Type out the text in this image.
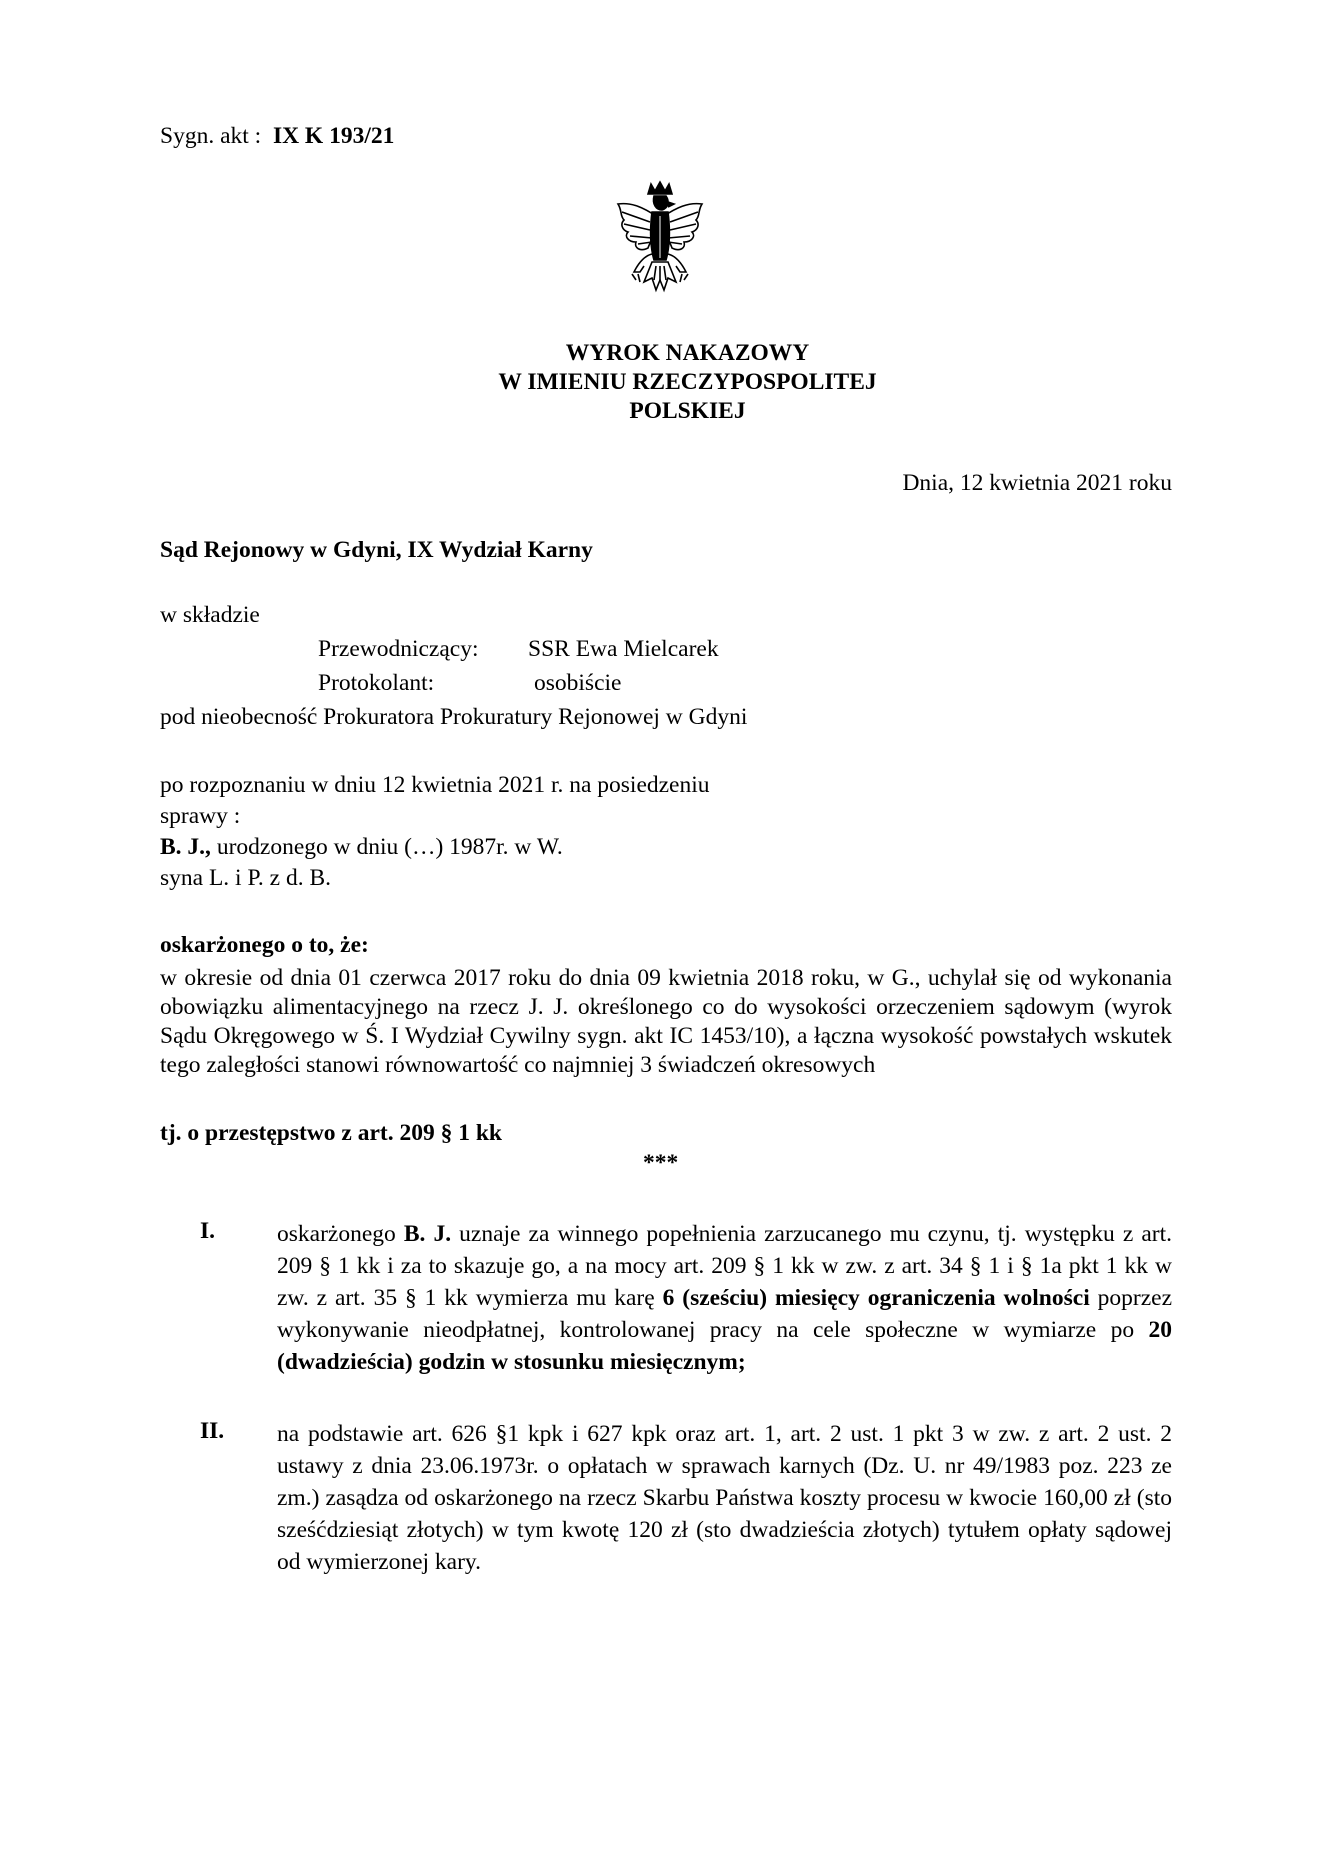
Sygn. akt : IX K 193/21
WYROK NAKAZOWY
W IMIENIU RZECZYPOSPOLITEJ
POLSKIEJ
Dnia, 12 kwietnia 2021 roku
Sąd Rejonowy w Gdyni, IX Wydział Karny
w składzie
Przewodniczący: SSR Ewa Mielcarek
Protokolant:	osobiście
pod nieobecność Prokuratora Prokuratury Rejonowej w Gdyni
po rozpoznaniu w dniu 12 kwietnia 2021 r. na posiedzeniu
sprawy :
B. J., urodzonego w dniu (…) 1987r. w W.
syna L. i P. z d. B.
oskarżonego o to, że:
w okresie od dnia 01 czerwca 2017 roku do dnia 09 kwietnia 2018 roku, w G., uchylał się od wykonania obowiązku alimentacyjnego na rzecz J. J. określonego co do wysokości orzeczeniem sądowym (wyrok Sądu Okręgowego w Ś. I Wydział Cywilny sygn. akt IC 1453/10), a łączna wysokość powstałych wskutek tego zaległości stanowi równowartość co najmniej 3 świadczeń okresowych
tj. o przestępstwo z art. 209 § 1 kk
***
I.	oskarżonego B. J. uznaje za winnego popełnienia zarzucanego mu czynu, tj. występku z art. 209 § 1 kk i za to skazuje go, a na mocy art. 209 § 1 kk w zw. z art. 34 § 1 i § 1a pkt 1 kk w zw. z art. 35 § 1 kk wymierza mu karę 6 (sześciu) miesięcy ograniczenia wolności poprzez wykonywanie nieodpłatnej, kontrolowanej pracy na cele społeczne w wymiarze po 20 (dwadzieścia) godzin w stosunku miesięcznym;
II. na podstawie art. 626 §1 kpk i 627 kpk oraz art. 1, art. 2 ust. 1 pkt 3 w zw. z art. 2 ust. 2 ustawy z dnia 23.06.1973r. o opłatach w sprawach karnych (Dz. U. nr 49/1983 poz. 223 ze zm.) zasądza od oskarżonego na rzecz Skarbu Państwa koszty procesu w kwocie 160,00 zł (sto sześćdziesiąt złotych) w tym kwotę 120 zł (sto dwadzieścia złotych) tytułem opłaty sądowej od wymierzonej kary.
